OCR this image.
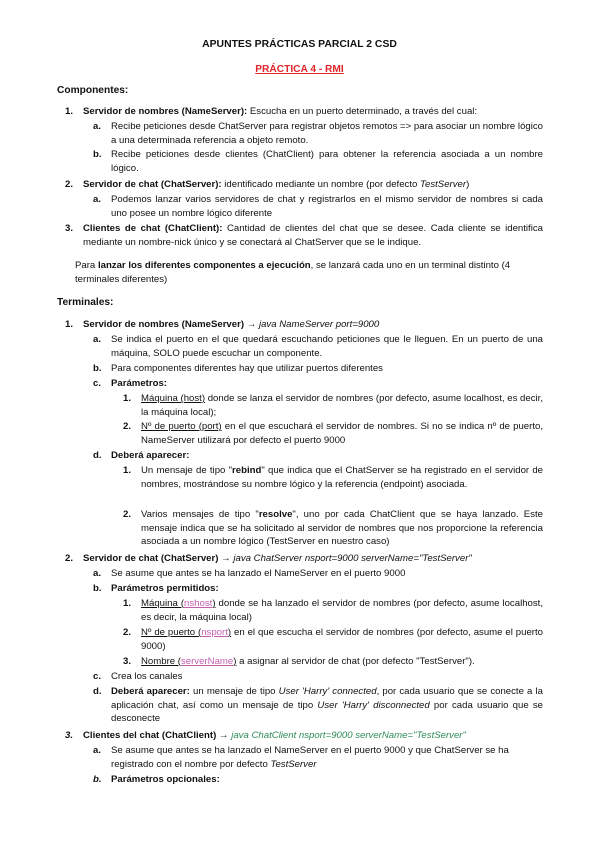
APUNTES PRÁCTICAS PARCIAL 2 CSD
PRÁCTICA 4 - RMI
Componentes:
1. Servidor de nombres (NameServer): Escucha en un puerto determinado, a través del cual:
a. Recibe peticiones desde ChatServer para registrar objetos remotos => para asociar un nombre lógico a una determinada referencia a objeto remoto.
b. Recibe peticiones desde clientes (ChatClient) para obtener la referencia asociada a un nombre lógico.
2. Servidor de chat (ChatServer): identificado mediante un nombre (por defecto TestServer)
a. Podemos lanzar varios servidores de chat y registrarlos en el mismo servidor de nombres si cada uno posee un nombre lógico diferente
3. Clientes de chat (ChatClient): Cantidad de clientes del chat que se desee. Cada cliente se identifica mediante un nombre-nick único y se conectará al ChatServer que se le indique.
Para lanzar los diferentes componentes a ejecución, se lanzará cada uno en un terminal distinto (4 terminales diferentes)
Terminales:
1. Servidor de nombres (NameServer) → java NameServer port=9000
a. Se indica el puerto en el que quedará escuchando peticiones que le lleguen. En un puerto de una máquina, SOLO puede escuchar un componente.
b. Para componentes diferentes hay que utilizar puertos diferentes
c. Parámetros:
1. Máquina (host) donde se lanza el servidor de nombres (por defecto, asume localhost, es decir, la máquina local);
2. Nº de puerto (port) en el que escuchará el servidor de nombres. Si no se indica nº de puerto, NameServer utilizará por defecto el puerto 9000
d. Deberá aparecer:
1. Un mensaje de tipo "rebind" que indica que el ChatServer se ha registrado en el servidor de nombres, mostrándose su nombre lógico y la referencia (endpoint) asociada.
2. Varios mensajes de tipo "resolve", uno por cada ChatClient que se haya lanzado. Este mensaje indica que se ha solicitado al servidor de nombres que nos proporcione la referencia asociada a un nombre lógico (TestServer en nuestro caso)
2. Servidor de chat (ChatServer) → java ChatServer nsport=9000 serverName="TestServer"
a. Se asume que antes se ha lanzado el NameServer en el puerto 9000
b. Parámetros permitidos:
1. Máquina (nshost) donde se ha lanzado el servidor de nombres (por defecto, asume localhost, es decir, la máquina local)
2. Nº de puerto (nsport) en el que escucha el servidor de nombres (por defecto, asume el puerto 9000)
3. Nombre (serverName) a asignar al servidor de chat (por defecto "TestServer").
c. Crea los canales
d. Deberá aparecer: un mensaje de tipo User 'Harry' connected, por cada usuario que se conecte a la aplicación chat, así como un mensaje de tipo User 'Harry' disconnected por cada usuario que se desconecte
3. Clientes del chat (ChatClient) → java ChatClient nsport=9000 serverName="TestServer"
a. Se asume que antes se ha lanzado el NameServer en el puerto 9000 y que ChatServer se ha registrado con el nombre por defecto TestServer
b. Parámetros opcionales:
